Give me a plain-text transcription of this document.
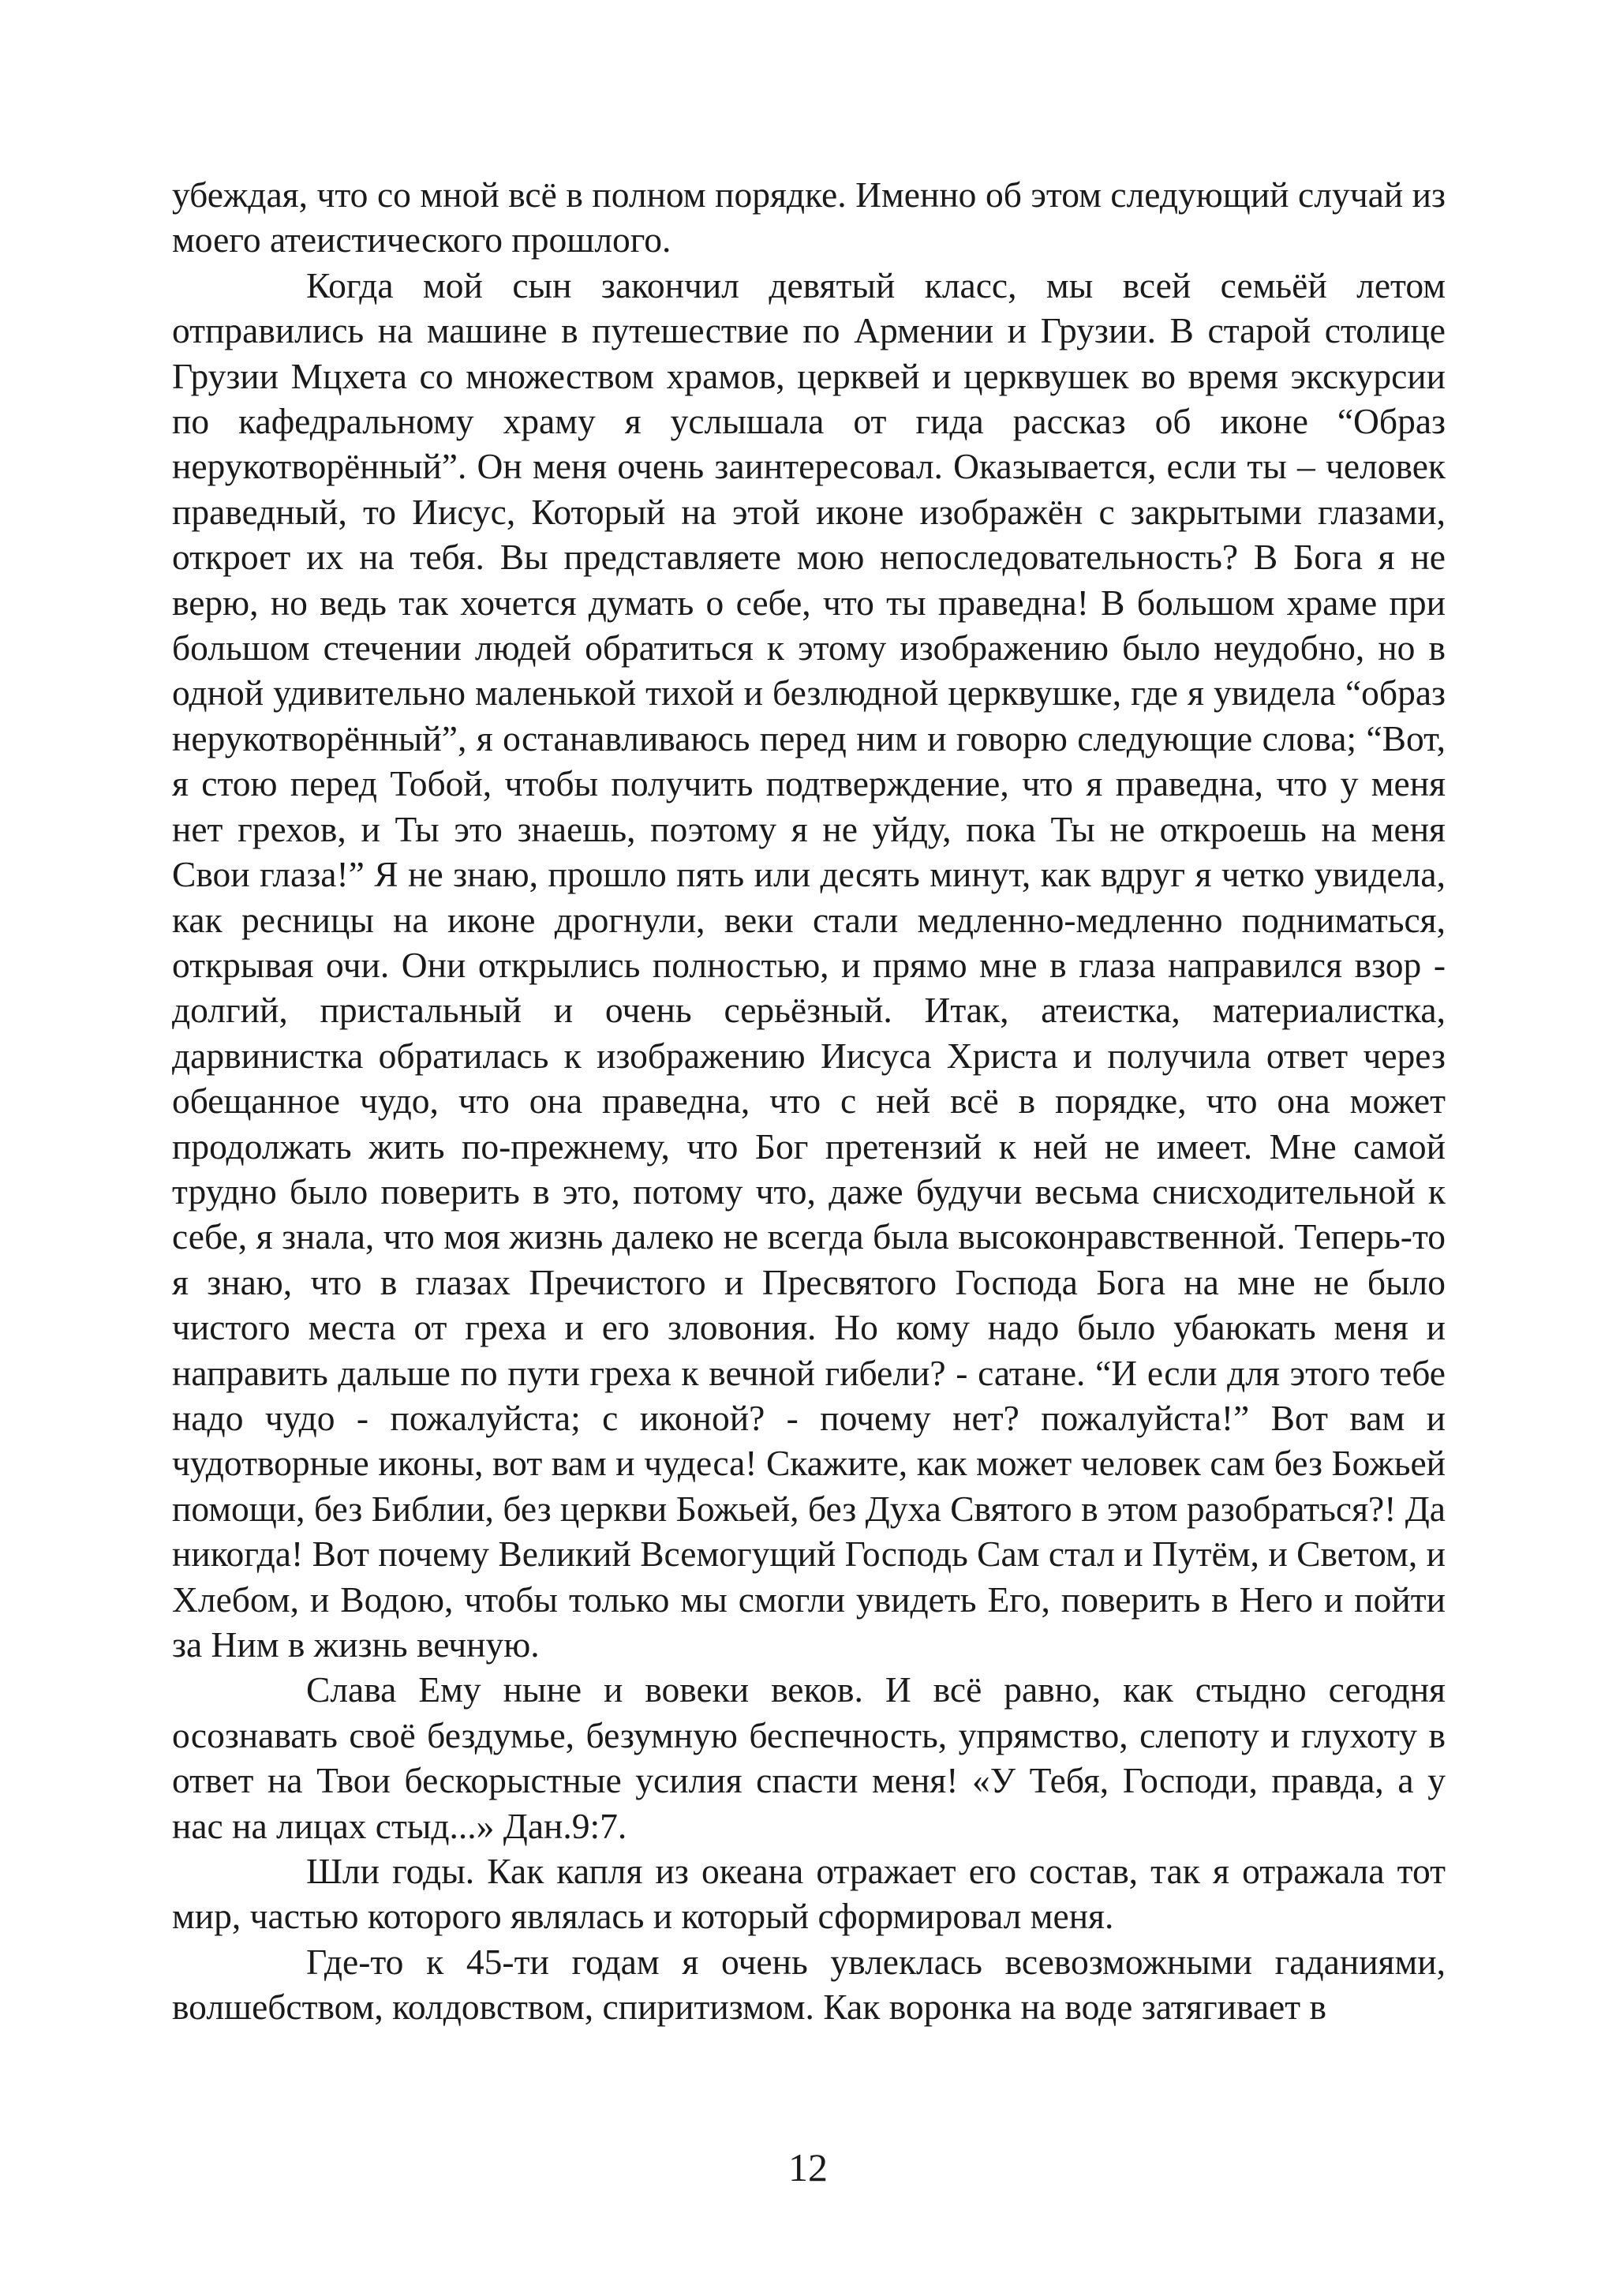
убеждая, что со мной всё в полном порядке. Именно об этом следующий случай из моего атеистического прошлого.

Когда мой сын закончил девятый класс, мы всей семьёй летом отправились на машине в путешествие по Армении и Грузии. В старой столице Грузии Мцхета со множеством храмов, церквей и церквушек во время экскурсии по кафедральному храму я услышала от гида рассказ об иконе “Образ нерукотворённый”. Он меня очень заинтересовал. Оказывается, если ты – человек праведный, то Иисус, Который на этой иконе изображён с закрытыми глазами, откроет их на тебя. Вы представляете мою непоследовательность? В Бога я не верю, но ведь так хочется думать о себе, что ты праведна! В большом храме при большом стечении людей обратиться к этому изображению было неудобно, но в одной удивительно маленькой тихой и безлюдной церквушке, где я увидела “образ нерукотворённый”, я останавливаюсь перед ним и говорю следующие слова; “Вот, я стою перед Тобой, чтобы получить подтверждение, что я праведна, что у меня нет грехов, и Ты это знаешь, поэтому я не уйду, пока Ты не откроешь на меня Свои глаза!” Я не знаю, прошло пять или десять минут, как вдруг я четко увидела, как ресницы на иконе дрогнули, веки стали медленно-медленно подниматься, открывая очи. Они открылись полностью, и прямо мне в глаза направился взор - долгий, пристальный и очень серьёзный. Итак, атеистка, материалистка, дарвинистка обратилась к изображению Иисуса Христа и получила ответ через обещанное чудо, что она праведна, что с ней всё в порядке, что она может продолжать жить по-прежнему, что Бог претензий к ней не имеет. Мне самой трудно было поверить в это, потому что, даже будучи весьма снисходительной к себе, я знала, что моя жизнь далеко не всегда была высоконравственной. Теперь-то я знаю, что в глазах Пречистого и Пресвятого Господа Бога на мне не было чистого места от греха и его зловония. Но кому надо было убаюкать меня и направить дальше по пути греха к вечной гибели? - сатане. “И если для этого тебе надо чудо - пожалуйста; с иконой? - почему нет? пожалуйста!” Вот вам и чудотворные иконы, вот вам и чудеса! Скажите, как может человек сам без Божьей помощи, без Библии, без церкви Божьей, без Духа Святого в этом разобраться?! Да никогда! Вот почему Великий Всемогущий Господь Сам стал и Путём, и Светом, и Хлебом, и Водою, чтобы только мы смогли увидеть Его, поверить в Него и пойти за Ним в жизнь вечную.

Слава Ему ныне и вовеки веков. И всё равно, как стыдно сегодня осознавать своё бездумье, безумную беспечность, упрямство, слепоту и глухоту в ответ на Твои бескорыстные усилия спасти меня! «У Тебя, Господи, правда, а у нас на лицах стыд...» Дан.9:7.

Шли годы. Как капля из океана отражает его состав, так я отражала тот мир, частью которого являлась и который сформировал меня.

Где-то к 45-ти годам я очень увлеклась всевозможными гаданиями, волшебством, колдовством, спиритизмом. Как воронка на воде затягивает в

12
